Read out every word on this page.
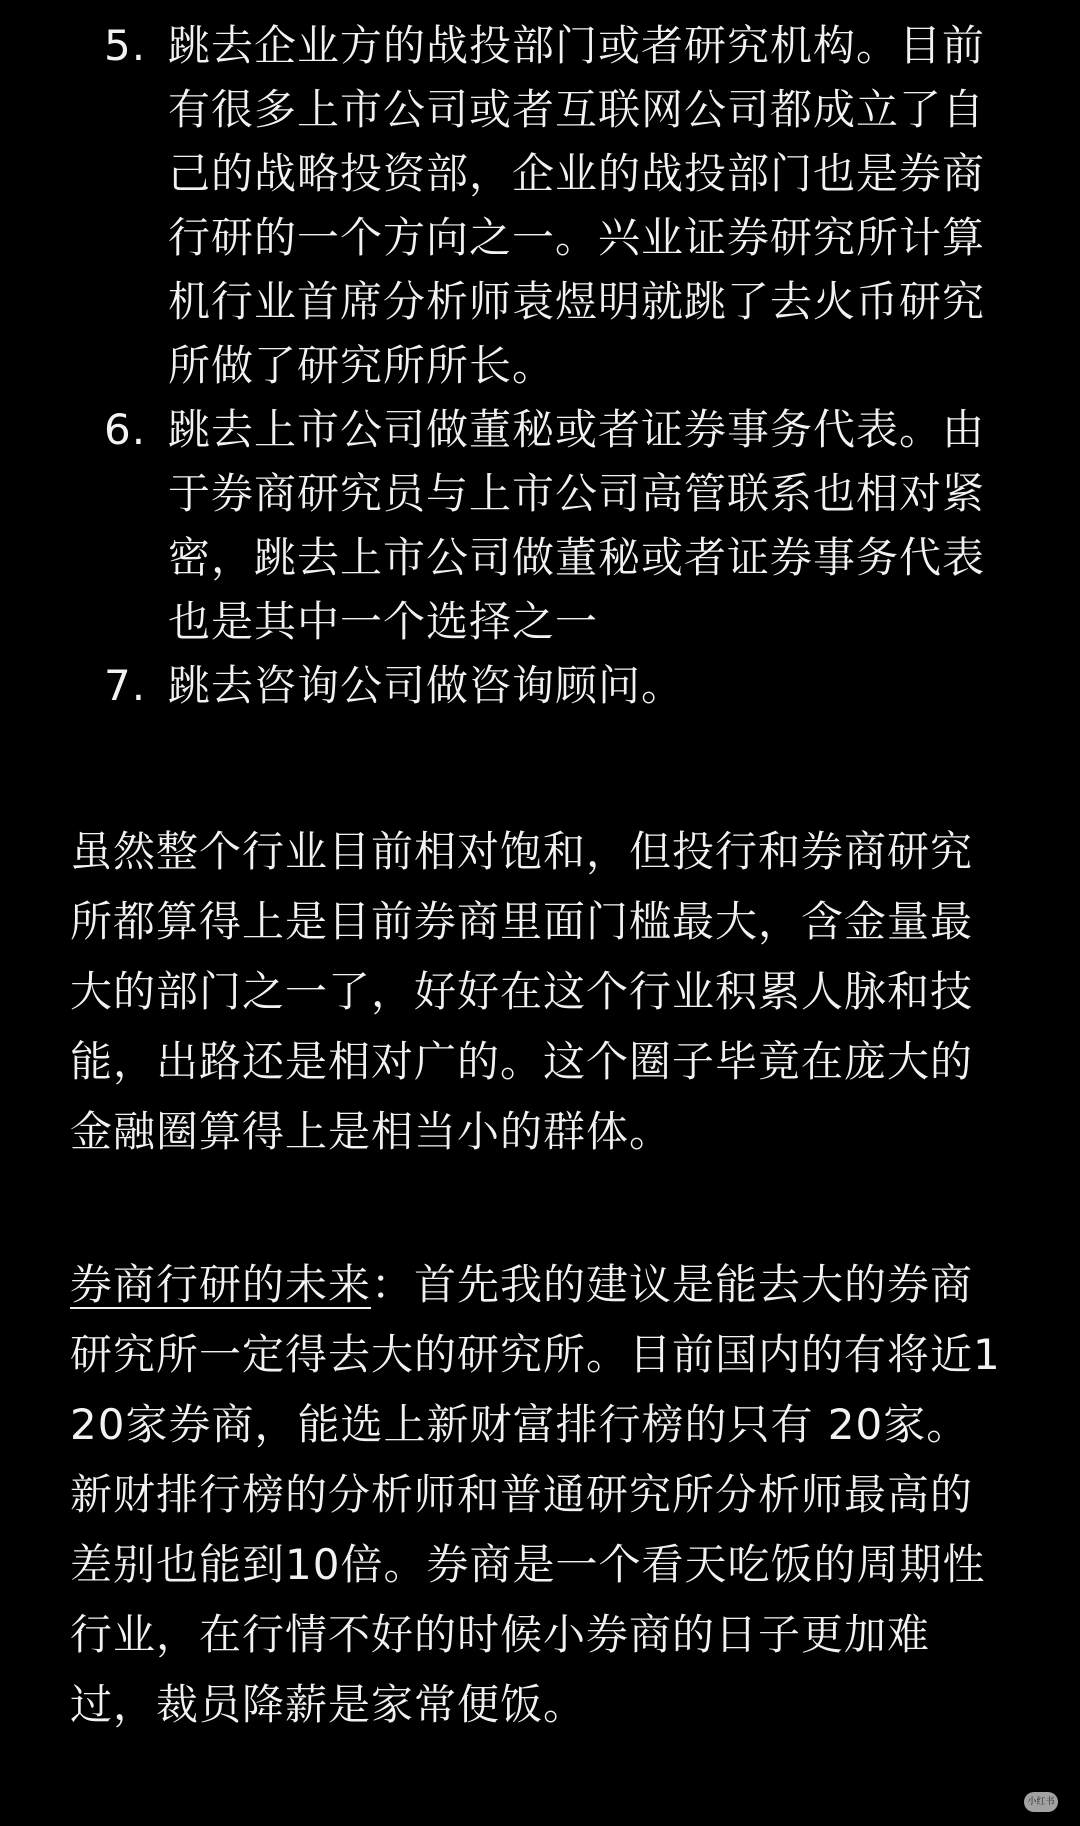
5. 跳去企业方的战投部门或者研究机构。目前有很多上市公司或者互联网公司都成立了自己的战略投资部，企业的战投部门也是券商行研的一个方向之一。兴业证券研究所计算机行业首席分析师袁煜明就跳了去火币研究所做了研究所所长。
6. 跳去上市公司做董秘或者证券事务代表。由于券商研究员与上市公司高管联系也相对紧密，跳去上市公司做董秘或者证券事务代表也是其中一个选择之一
7. 跳去咨询公司做咨询顾问。

虽然整个行业目前相对饱和，但投行和券商研究所都算得上是目前券商里面门槛最大，含金量最大的部门之一了，好好在这个行业积累人脉和技能，出路还是相对广的。这个圈子毕竟在庞大的金融圈算得上是相当小的群体。

券商行研的未来：首先我的建议是能去大的券商研究所一定得去大的研究所。目前国内的有将近120家券商，能选上新财富排行榜的只有 20家。新财排行榜的分析师和普通研究所分析师最高的差别也能到10倍。券商是一个看天吃饭的周期性行业，在行情不好的时候小券商的日子更加难过，裁员降薪是家常便饭。

小红书
